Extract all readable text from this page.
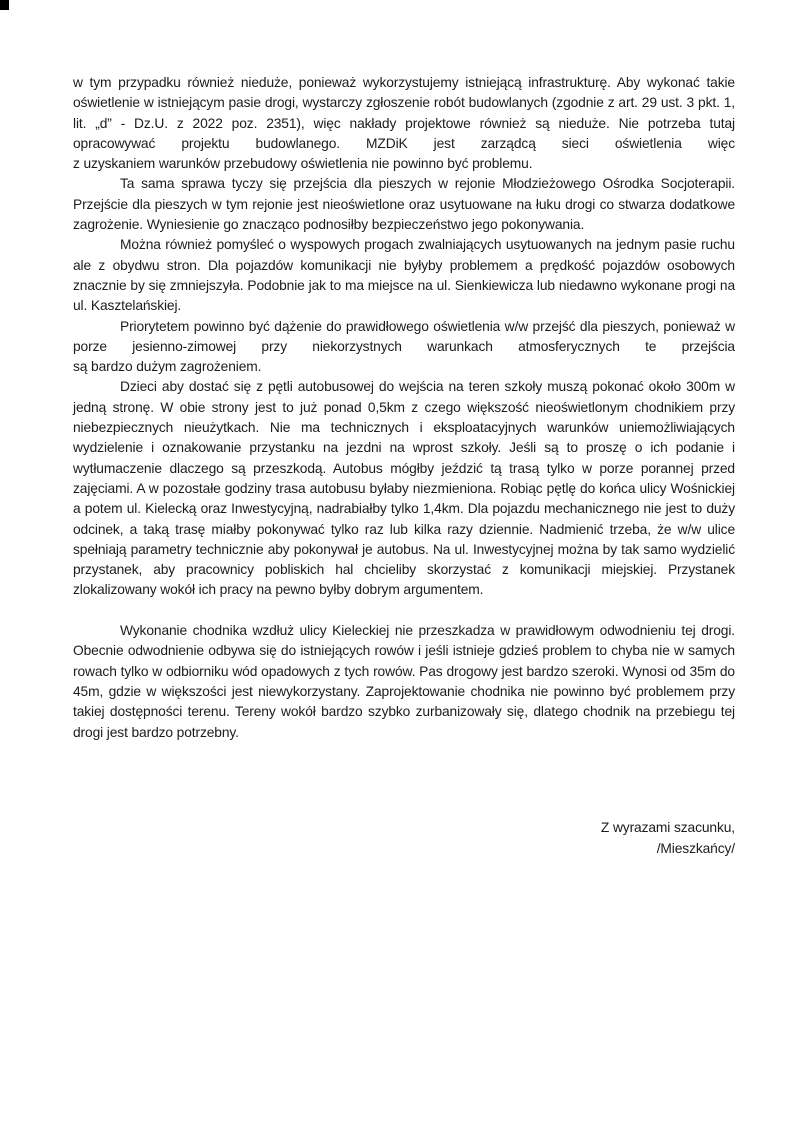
w tym przypadku również nieduże, ponieważ wykorzystujemy istniejącą infrastrukturę. Aby wykonać takie oświetlenie w istniejącym pasie drogi, wystarczy zgłoszenie robót budowlanych (zgodnie z art. 29 ust. 3 pkt. 1, lit. „d” - Dz.U. z 2022 poz. 2351), więc nakłady projektowe również są nieduże. Nie potrzeba tutaj opracowywać projektu budowlanego. MZDiK jest zarządcą sieci oświetlenia więc
z uzyskaniem warunków przebudowy oświetlenia nie powinno być problemu.

Ta sama sprawa tyczy się przejścia dla pieszych w rejonie Młodzieżowego Ośrodka Socjoterapii. Przejście dla pieszych w tym rejonie jest nieoświetlone oraz usytuowane na łuku drogi co stwarza dodatkowe zagrożenie. Wyniesienie go znacząco podnosiłby bezpieczeństwo jego pokonywania.

Można również pomyśleć o wyspowych progach zwalniających usytuowanych na jednym pasie ruchu ale z obydwu stron. Dla pojazdów komunikacji nie byłyby problemem a prędkość pojazdów osobowych znacznie by się zmniejszyła. Podobnie jak to ma miejsce na ul. Sienkiewicza lub niedawno wykonane progi na ul. Kasztelańskiej.

Priorytetem powinno być dążenie do prawidłowego oświetlenia w/w przejść dla pieszych, ponieważ w porze jesienno-zimowej przy niekorzystnych warunkach atmosferycznych te przejścia
są bardzo dużym zagrożeniem.

Dzieci aby dostać się z pętli autobusowej do wejścia na teren szkoły muszą pokonać około 300m w jedną stronę. W obie strony jest to już ponad 0,5km z czego większość nieoświetlonym chodnikiem przy niebezpiecznych nieużytkach. Nie ma technicznych i eksploatacyjnych warunków uniemożliwiających wydzielenie i oznakowanie przystanku na jezdni na wprost szkoły. Jeśli są to proszę o ich podanie i wytłumaczenie dlaczego są przeszkodą. Autobus mógłby jeździć tą trasą tylko w porze porannej przed zajęciami. A w pozostałe godziny trasa autobusu byłaby niezmieniona. Robiąc pętlę do końca ulicy Wośnickiej a potem ul. Kielecką oraz Inwestycyjną, nadrabiałby tylko 1,4km. Dla pojazdu mechanicznego nie jest to duży odcinek, a taką trasę miałby pokonywać tylko raz lub kilka razy dziennie. Nadmienić trzeba, że w/w ulice spełniają parametry technicznie aby pokonywał je autobus. Na ul. Inwestycyjnej można by tak samo wydzielić przystanek, aby pracownicy pobliskich hal chcieliby skorzystać z komunikacji miejskiej. Przystanek zlokalizowany wokół ich pracy na pewno byłby dobrym argumentem.

Wykonanie chodnika wzdłuż ulicy Kieleckiej nie przeszkadza w prawidłowym odwodnieniu tej drogi. Obecnie odwodnienie odbywa się do istniejących rowów i jeśli istnieje gdzieś problem to chyba nie w samych rowach tylko w odbiorniku wód opadowych z tych rowów. Pas drogowy jest bardzo szeroki. Wynosi od 35m do 45m, gdzie w większości jest niewykorzystany. Zaprojektowanie chodnika nie powinno być problemem przy takiej dostępności terenu. Tereny wokół bardzo szybko zurbanizowały się, dlatego chodnik na przebiegu tej drogi jest bardzo potrzebny.

Z wyrazami szacunku,
/Mieszkańcy/
